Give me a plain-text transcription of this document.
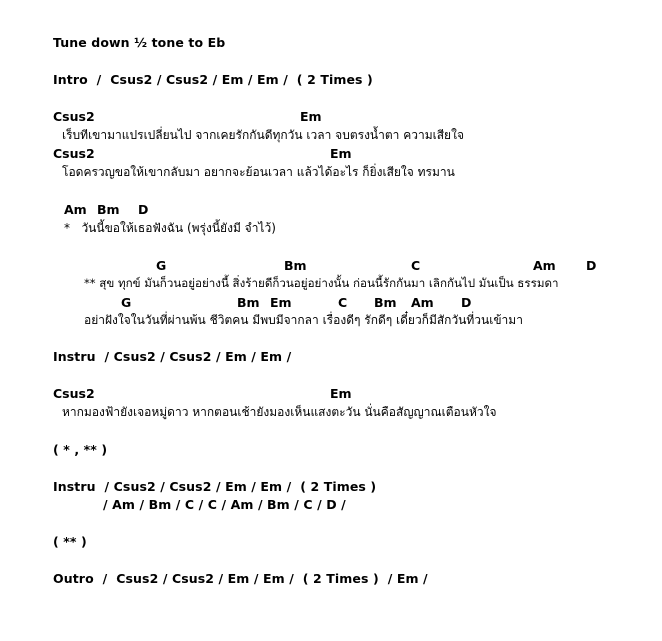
Tune down ½ tone to Eb
Intro  /  Csus2 / Csus2 / Em / Em /  ( 2 Times )
Csus2	Em
เร็บทีเขามาแปรเปลี่ยนไป จากเคยรักกันดีทุกวัน เวลา จบตรงน้ำตา ความเสียใจ
Csus2	Em
โอดครวญขอให้เขากลับมา อยากจะย้อนเวลา แล้วได้อะไร ก็ยิ่งเสียใจ ทรมาน
Am Bm D
*   วันนี้ขอให้เธอฟังฉัน (พรุ่งนี้ยังมี จำไว้)
G	Bm	C	Am D
** สุข ทุกข์ มันก็วนอยู่อย่างนี้ สิ่งร้ายดีก็วนอยู่อย่างนั้น ก่อนนี้รักกันมา เลิกกันไป มันเป็น ธรรมดา
G	Bm Em	C Bm Am D
อย่าฝังใจในวันที่ผ่านพ้น ชีวิตคน มีพบมีจากลา เรื่องดีๆ รักดีๆ เดี๋ยวก็มีสักวันที่วนเข้ามา
Instru  / Csus2 / Csus2 / Em / Em /
Csus2	Em
หากมองฟ้ายังเจอหมู่ดาว หากตอนเช้ายังมองเห็นแสงตะวัน นั่นคือสัญญาณเตือนหัวใจ
( * , ** )
Instru  / Csus2 / Csus2 / Em / Em /  ( 2 Times )
/ Am / Bm / C / C / Am / Bm / C / D /
( ** )
Outro  /  Csus2 / Csus2 / Em / Em /  ( 2 Times )  / Em /
